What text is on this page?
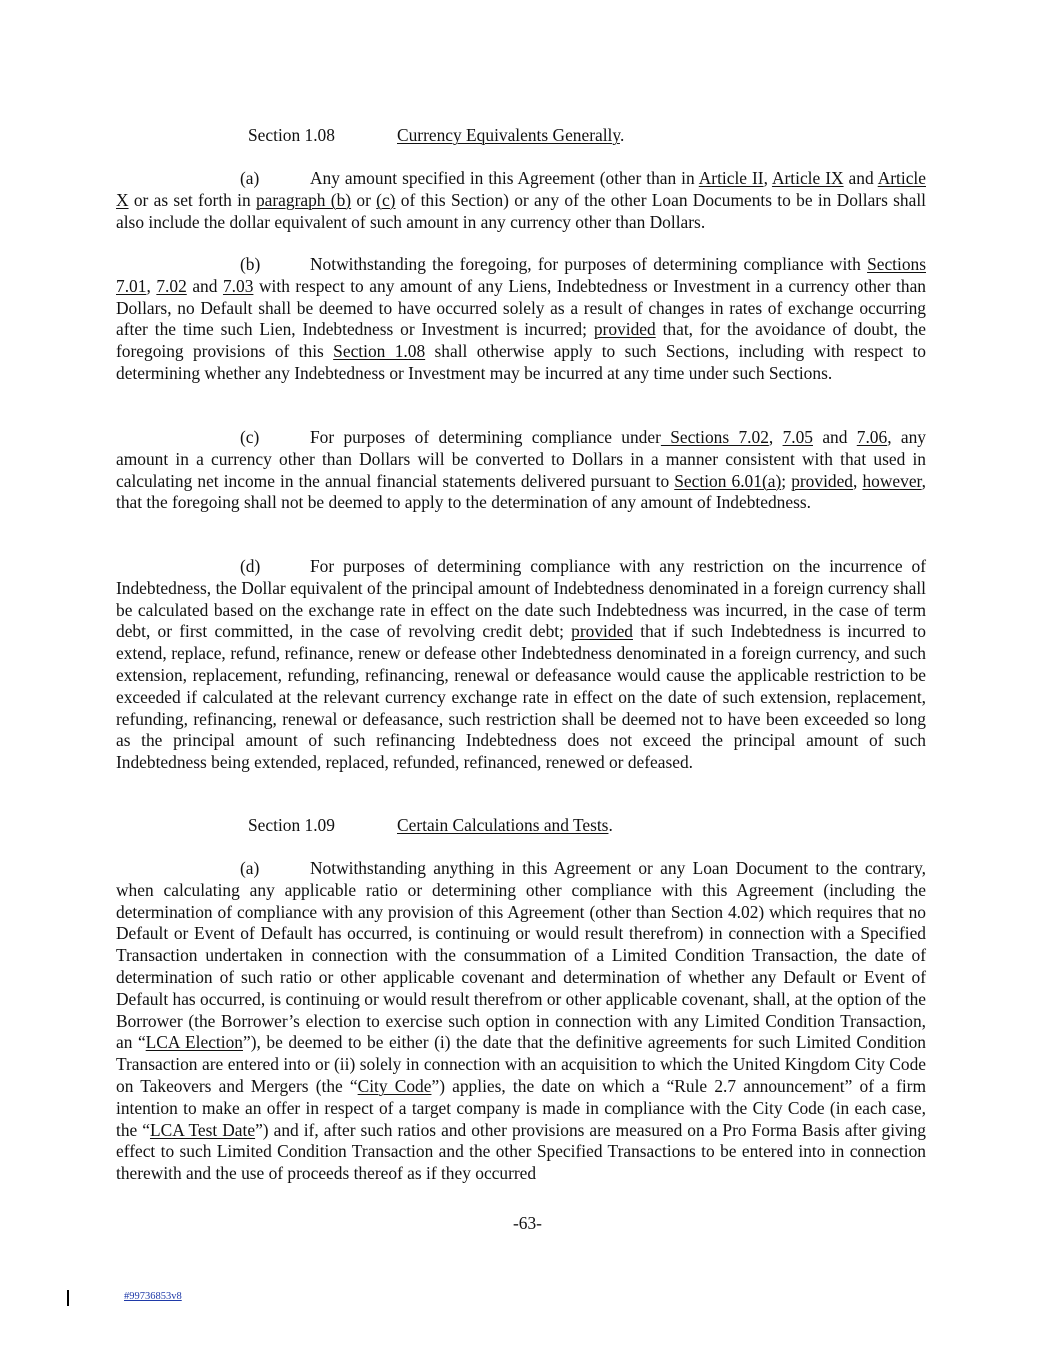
Section 1.08	Currency Equivalents Generally.
(a)	Any amount specified in this Agreement (other than in Article II, Article IX and Article X or as set forth in paragraph (b) or (c) of this Section) or any of the other Loan Documents to be in Dollars shall also include the dollar equivalent of such amount in any currency other than Dollars.
(b)	Notwithstanding the foregoing, for purposes of determining compliance with Sections 7.01, 7.02 and 7.03 with respect to any amount of any Liens, Indebtedness or Investment in a currency other than Dollars, no Default shall be deemed to have occurred solely as a result of changes in rates of exchange occurring after the time such Lien, Indebtedness or Investment is incurred; provided that, for the avoidance of doubt, the foregoing provisions of this Section 1.08 shall otherwise apply to such Sections, including with respect to determining whether any Indebtedness or Investment may be incurred at any time under such Sections.
(c)	For purposes of determining compliance under Sections 7.02, 7.05 and 7.06, any amount in a currency other than Dollars will be converted to Dollars in a manner consistent with that used in calculating net income in the annual financial statements delivered pursuant to Section 6.01(a); provided, however, that the foregoing shall not be deemed to apply to the determination of any amount of Indebtedness.
(d)	For purposes of determining compliance with any restriction on the incurrence of Indebtedness, the Dollar equivalent of the principal amount of Indebtedness denominated in a foreign currency shall be calculated based on the exchange rate in effect on the date such Indebtedness was incurred, in the case of term debt, or first committed, in the case of revolving credit debt; provided that if such Indebtedness is incurred to extend, replace, refund, refinance, renew or defease other Indebtedness denominated in a foreign currency, and such extension, replacement, refunding, refinancing, renewal or defeasance would cause the applicable restriction to be exceeded if calculated at the relevant currency exchange rate in effect on the date of such extension, replacement, refunding, refinancing, renewal or defeasance, such restriction shall be deemed not to have been exceeded so long as the principal amount of such refinancing Indebtedness does not exceed the principal amount of such Indebtedness being extended, replaced, refunded, refinanced, renewed or defeased.
Section 1.09	Certain Calculations and Tests.
(a)	Notwithstanding anything in this Agreement or any Loan Document to the contrary, when calculating any applicable ratio or determining other compliance with this Agreement (including the determination of compliance with any provision of this Agreement (other than Section 4.02) which requires that no Default or Event of Default has occurred, is continuing or would result therefrom) in connection with a Specified Transaction undertaken in connection with the consummation of a Limited Condition Transaction, the date of determination of such ratio or other applicable covenant and determination of whether any Default or Event of Default has occurred, is continuing or would result therefrom or other applicable covenant, shall, at the option of the Borrower (the Borrower’s election to exercise such option in connection with any Limited Condition Transaction, an “LCA Election”), be deemed to be either (i) the date that the definitive agreements for such Limited Condition Transaction are entered into or (ii) solely in connection with an acquisition to which the United Kingdom City Code on Takeovers and Mergers (the “City Code”) applies, the date on which a “Rule 2.7 announcement” of a firm intention to make an offer in respect of a target company is made in compliance with the City Code (in each case, the “LCA Test Date”) and if, after such ratios and other provisions are measured on a Pro Forma Basis after giving effect to such Limited Condition Transaction and the other Specified Transactions to be entered into in connection therewith and the use of proceeds thereof as if they occurred
-63-
#99736853v8
